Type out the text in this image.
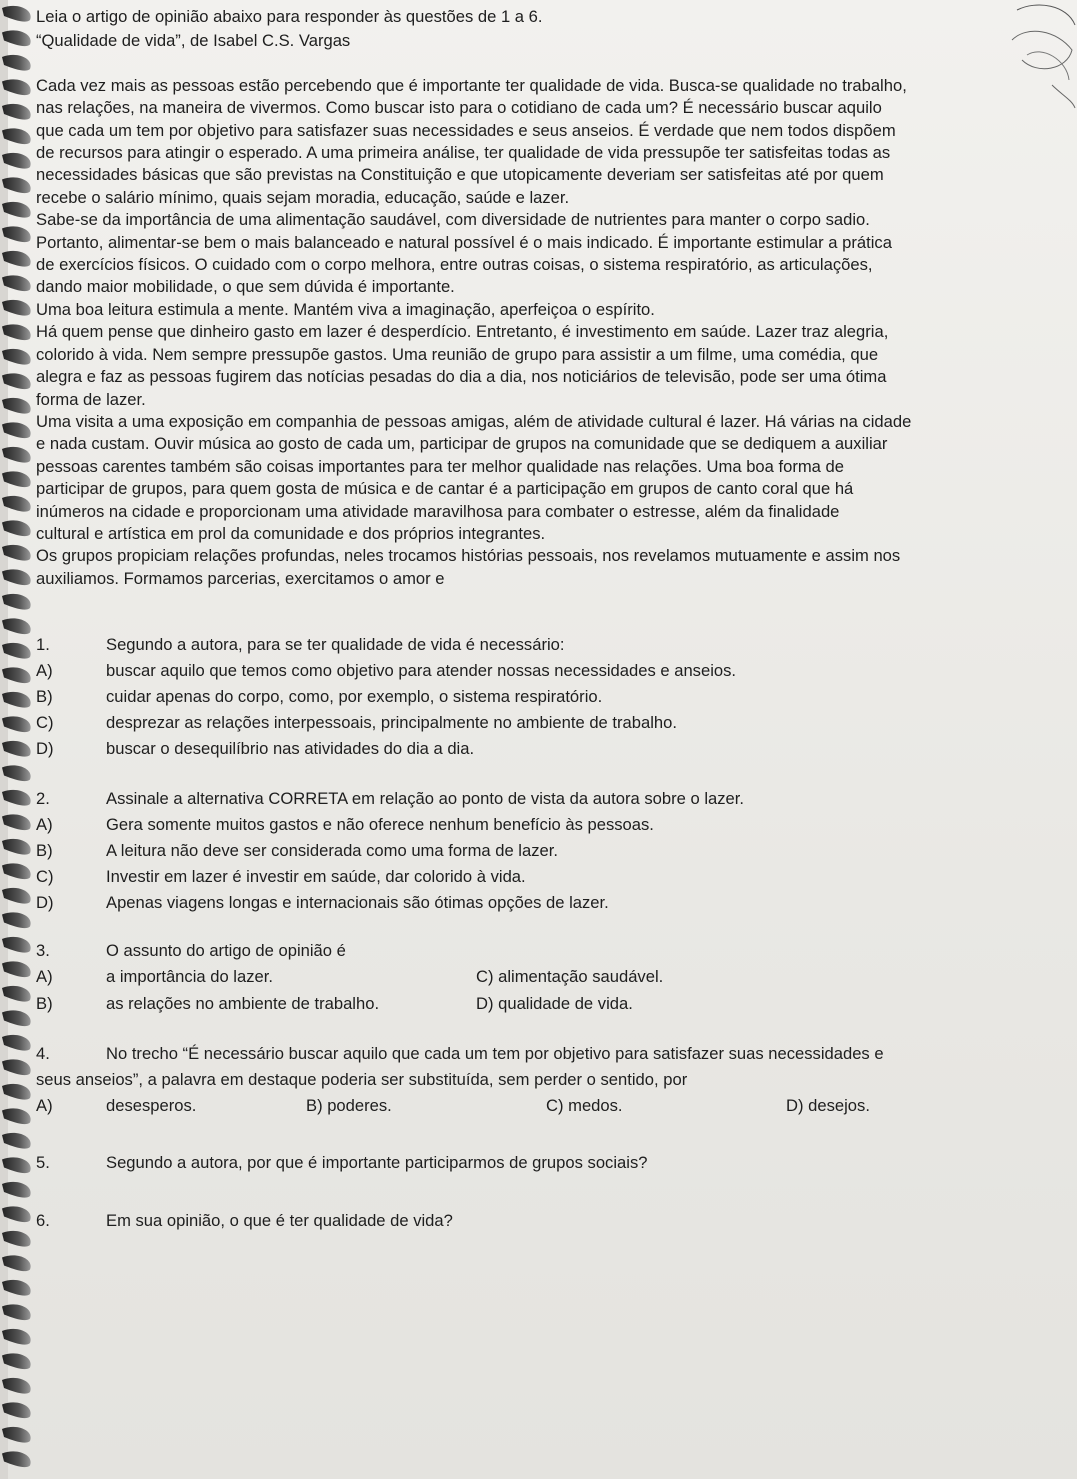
Leia o artigo de opinião abaixo para responder às questões de 1 a 6.
“Qualidade de vida”, de Isabel C.S. Vargas
Cada vez mais as pessoas estão percebendo que é importante ter qualidade de vida. Busca-se qualidade no trabalho,
nas relações, na maneira de vivermos. Como buscar isto para o cotidiano de cada um? É necessário buscar aquilo
que cada um tem por objetivo para satisfazer suas necessidades e seus anseios. É verdade que nem todos dispõem
de recursos para atingir o esperado. A uma primeira análise, ter qualidade de vida pressupõe ter satisfeitas todas as
necessidades básicas que são previstas na Constituição e que utopicamente deveriam ser satisfeitas até por quem
recebe o salário mínimo, quais sejam moradia, educação, saúde e lazer.
Sabe-se da importância de uma alimentação saudável, com diversidade de nutrientes para manter o corpo sadio.
Portanto, alimentar-se bem o mais balanceado e natural possível é o mais indicado. É importante estimular a prática
de exercícios físicos. O cuidado com o corpo melhora, entre outras coisas, o sistema respiratório, as articulações,
dando maior mobilidade, o que sem dúvida é importante.
Uma boa leitura estimula a mente. Mantém viva a imaginação, aperfeiçoa o espírito.
Há quem pense que dinheiro gasto em lazer é desperdício. Entretanto, é investimento em saúde. Lazer traz alegria,
colorido à vida. Nem sempre pressupõe gastos. Uma reunião de grupo para assistir a um filme, uma comédia, que
alegra e faz as pessoas fugirem das notícias pesadas do dia a dia, nos noticiários de televisão, pode ser uma ótima
forma de lazer.
Uma visita a uma exposição em companhia de pessoas amigas, além de atividade cultural é lazer. Há várias na cidade
e nada custam. Ouvir música ao gosto de cada um, participar de grupos na comunidade que se dediquem a auxiliar
pessoas carentes também são coisas importantes para ter melhor qualidade nas relações. Uma boa forma de
participar de grupos, para quem gosta de música e de cantar é a participação em grupos de canto coral que há
inúmeros na cidade e proporcionam uma atividade maravilhosa para combater o estresse, além da finalidade
cultural e artística em prol da comunidade e dos próprios integrantes.
Os grupos propiciam relações profundas, neles trocamos histórias pessoais, nos revelamos mutuamente e assim nos
auxiliamos. Formamos parcerias, exercitamos o amor e
1.	Segundo a autora, para se ter qualidade de vida é necessário:
A)	buscar aquilo que temos como objetivo para atender nossas necessidades e anseios.
B)	cuidar apenas do corpo, como, por exemplo, o sistema respiratório.
C)	desprezar as relações interpessoais, principalmente no ambiente de trabalho.
D)	buscar o desequilíbrio nas atividades do dia a dia.
2.	Assinale a alternativa CORRETA em relação ao ponto de vista da autora sobre o lazer.
A)	Gera somente muitos gastos e não oferece nenhum benefício às pessoas.
B)	A leitura não deve ser considerada como uma forma de lazer.
C)	Investir em lazer é investir em saúde, dar colorido à vida.
D)	Apenas viagens longas e internacionais são ótimas opções de lazer.
3.	O assunto do artigo de opinião é
A)	a importância do lazer.	C) alimentação saudável.
B)	as relações no ambiente de trabalho.	D) qualidade de vida.
4.	No trecho “É necessário buscar aquilo que cada um tem por objetivo para satisfazer suas necessidades e
seus anseios”, a palavra em destaque poderia ser substituída, sem perder o sentido, por
A)	desesperos.	B) poderes.	C) medos.	D) desejos.
5.	Segundo a autora, por que é importante participarmos de grupos sociais?
6.	Em sua opinião, o que é ter qualidade de vida?
